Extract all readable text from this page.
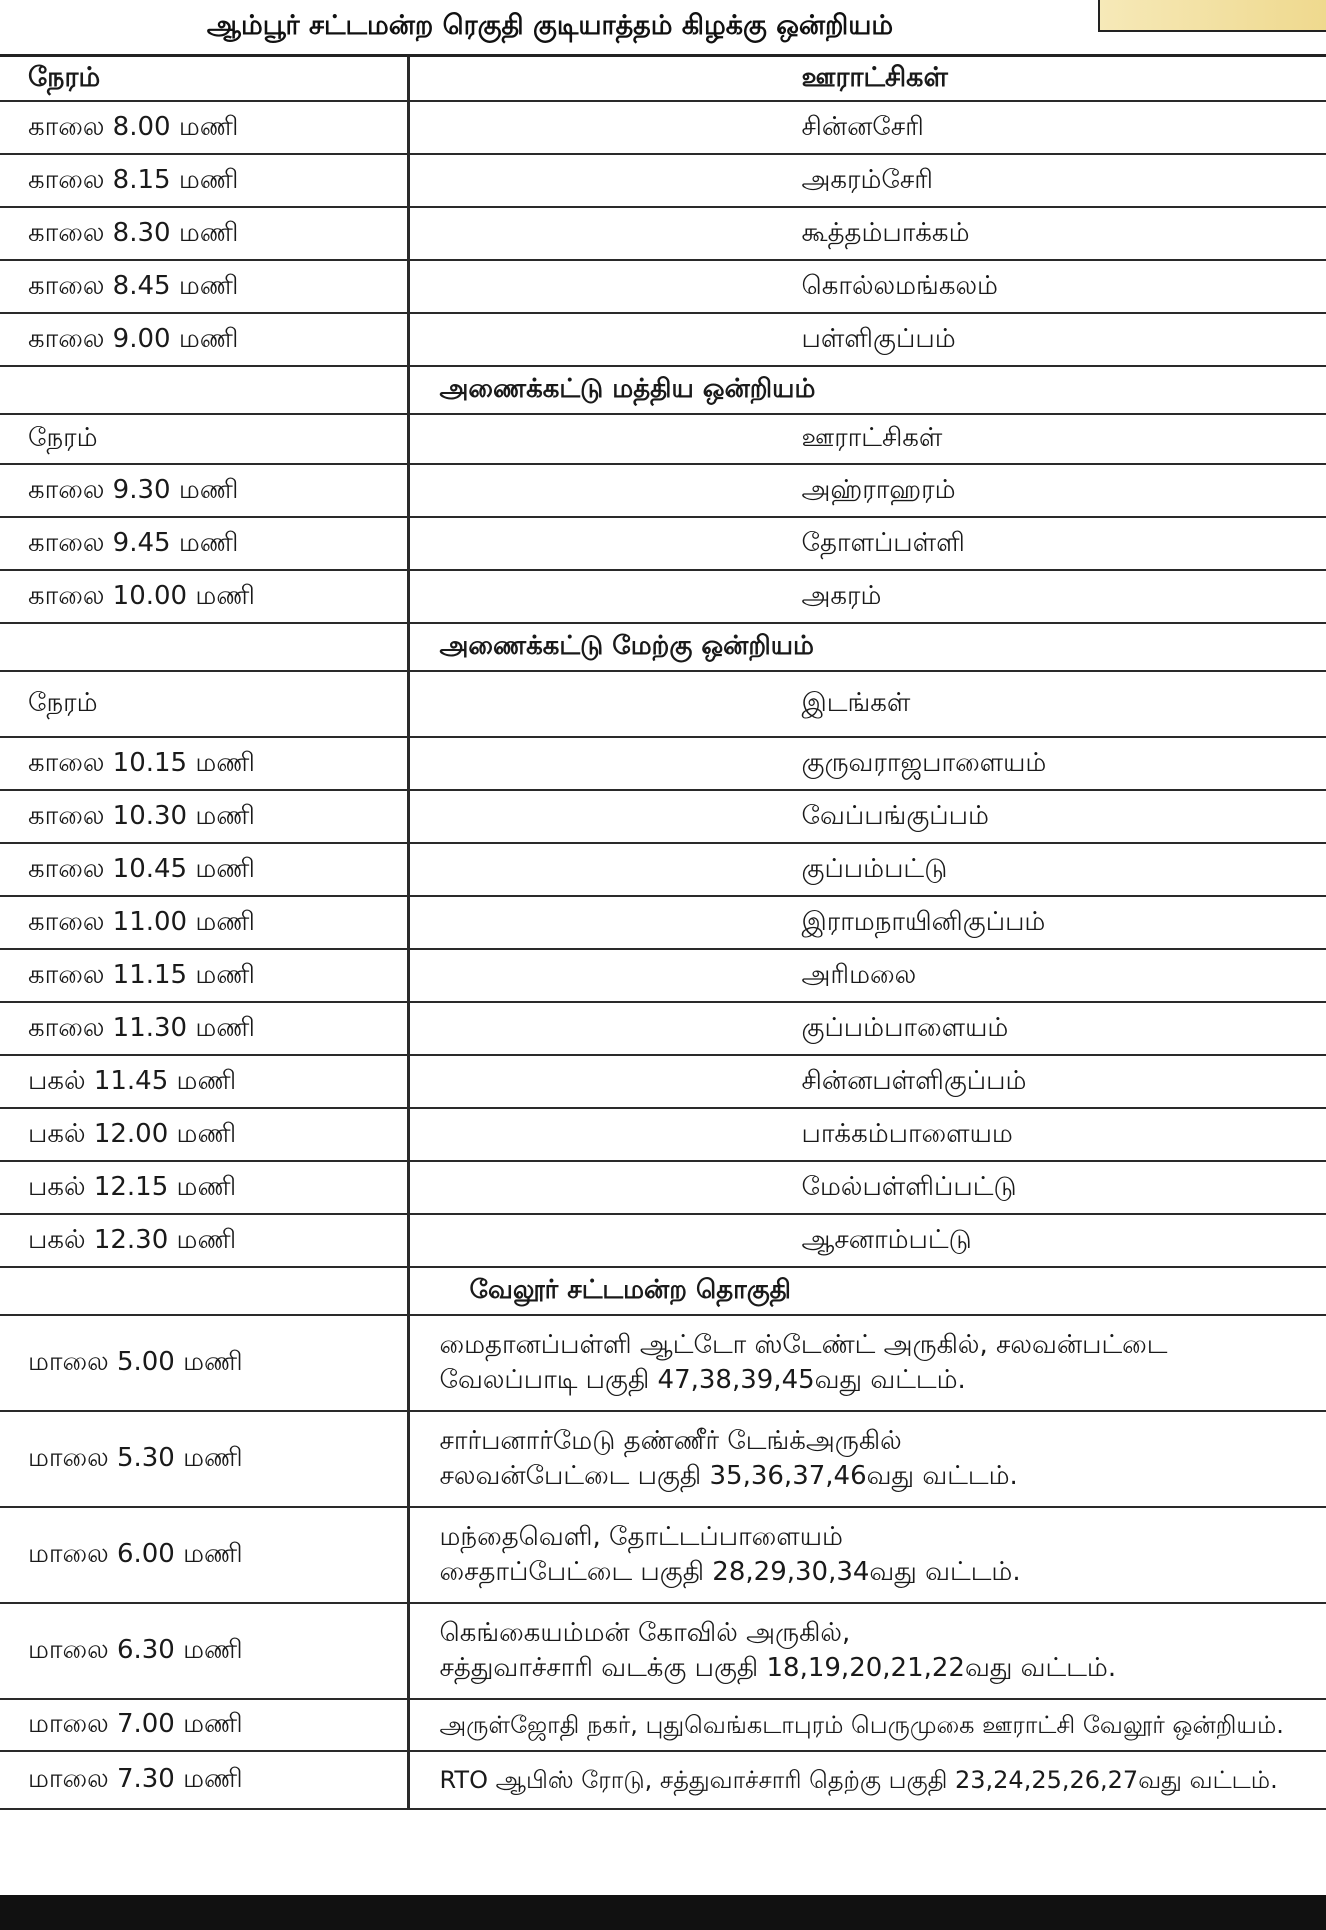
ஆம்பூர் சட்டமன்ற ரெகுதி குடியாத்தம் கிழக்கு ஒன்றியம்
நேரம்	ஊராட்சிகள்
காலை 8.00 மணி	சின்னசேரி
காலை 8.15 மணி	அகரம்சேரி
காலை 8.30 மணி	கூத்தம்பாக்கம்
காலை 8.45 மணி	கொல்லமங்கலம்
காலை 9.00 மணி	பள்ளிகுப்பம்
	அணைக்கட்டு மத்திய ஒன்றியம்
நேரம்	ஊராட்சிகள்
காலை 9.30 மணி	அஹ்ராஹரம்
காலை 9.45 மணி	தோளப்பள்ளி
காலை 10.00 மணி	அகரம்
	அணைக்கட்டு மேற்கு ஒன்றியம்
நேரம்	இடங்கள்
காலை 10.15 மணி	குருவராஜபாளையம்
காலை 10.30 மணி	வேப்பங்குப்பம்
காலை 10.45 மணி	குப்பம்பட்டு
காலை 11.00 மணி	இராமநாயினிகுப்பம்
காலை 11.15 மணி	அரிமலை
காலை 11.30 மணி	குப்பம்பாளையம்
பகல் 11.45 மணி	சின்னபள்ளிகுப்பம்
பகல் 12.00 மணி	பாக்கம்பாளையம
பகல் 12.15 மணி	மேல்பள்ளிப்பட்டு
பகல் 12.30 மணி	ஆசனாம்பட்டு
	வேலூர் சட்டமன்ற தொகுதி
மாலை 5.00 மணி	மைதானப்பள்ளி ஆட்டோ ஸ்டேண்ட் அருகில், சலவன்பட்டை
வேலப்பாடி பகுதி 47,38,39,45வது வட்டம்.

மாலை 5.30 மணி	சார்பனார்மேடு தண்ணீர் டேங்க்அருகில்
சலவன்பேட்டை பகுதி 35,36,37,46வது வட்டம்.

மாலை 6.00 மணி	மந்தைவெளி, தோட்டப்பாளையம்
சைதாப்பேட்டை பகுதி 28,29,30,34வது வட்டம்.

மாலை 6.30 மணி	கெங்கையம்மன் கோவில் அருகில்,
சத்துவாச்சாரி வடக்கு பகுதி 18,19,20,21,22வது வட்டம்.

மாலை 7.00 மணி	அருள்ஜோதி நகர், புதுவெங்கடாபுரம் பெருமுகை ஊராட்சி வேலூர் ஒன்றியம்.
மாலை 7.30 மணி	RTO ஆபிஸ் ரோடு, சத்துவாச்சாரி தெற்கு பகுதி 23,24,25,26,27வது வட்டம்.
